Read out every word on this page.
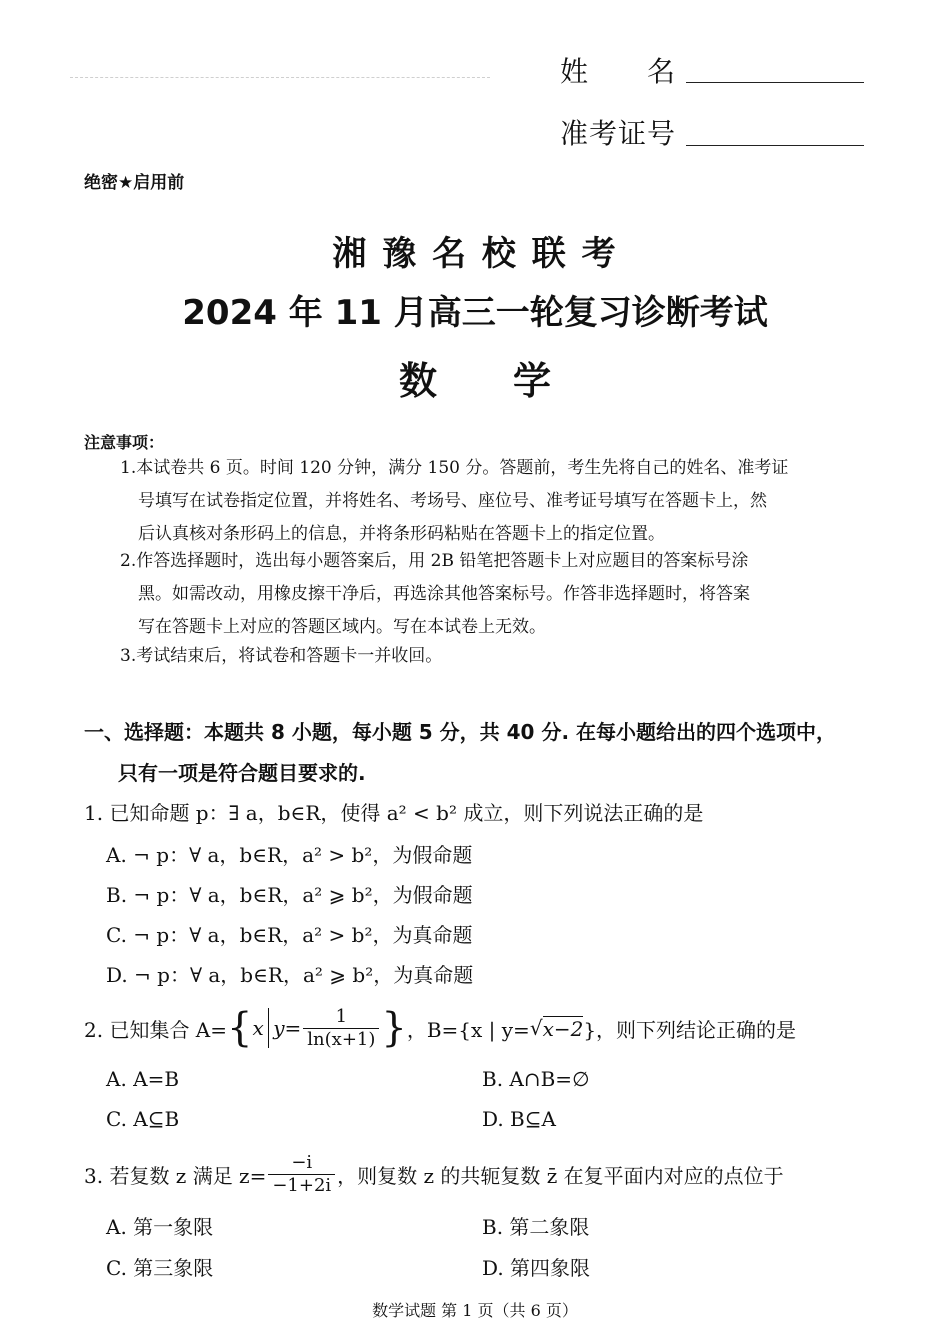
姓　　名
准考证号
绝密★启用前
湘 豫 名 校 联 考
2024 年 11 月高三一轮复习诊断考试
数　　学
注意事项：
1.本试卷共 6 页。时间 120 分钟，满分 150 分。答题前，考生先将自己的姓名、准考证
号填写在试卷指定位置，并将姓名、考场号、座位号、准考证号填写在答题卡上，然
后认真核对条形码上的信息，并将条形码粘贴在答题卡上的指定位置。
2.作答选择题时，选出每小题答案后，用 2B 铅笔把答题卡上对应题目的答案标号涂
黑。如需改动，用橡皮擦干净后，再选涂其他答案标号。作答非选择题时，将答案
写在答题卡上对应的答题区域内。写在本试卷上无效。
3.考试结束后，将试卷和答题卡一并收回。
一、选择题：本题共 8 小题，每小题 5 分，共 40 分. 在每小题给出的四个选项中，
只有一项是符合题目要求的.
1. 已知命题 p：∃ a，b∈R，使得 a² < b² 成立，则下列说法正确的是
A. ¬ p：∀ a，b∈R，a² > b²，为假命题
B. ¬ p：∀ a，b∈R，a² ⩾ b²，为假命题
C. ¬ p：∀ a，b∈R，a² > b²，为真命题
D. ¬ p：∀ a，b∈R，a² ⩾ b²，为真命题
2. 已知集合 A= { x $y= \frac{1}{\ln(x+1)}$ } ，B={x | y= √ x−2 }，则下列结论正确的是
A. A=B	B. A∩B=∅
C. A⊆B	D. B⊆A
3. 若复数 z 满足 $z= \frac{-i}{-1+2i}$ ，则复数 z 的共轭复数 z̄ 在复平面内对应的点位于
A. 第一象限	B. 第二象限
C. 第三象限	D. 第四象限
数学试题 第 1 页（共 6 页）
